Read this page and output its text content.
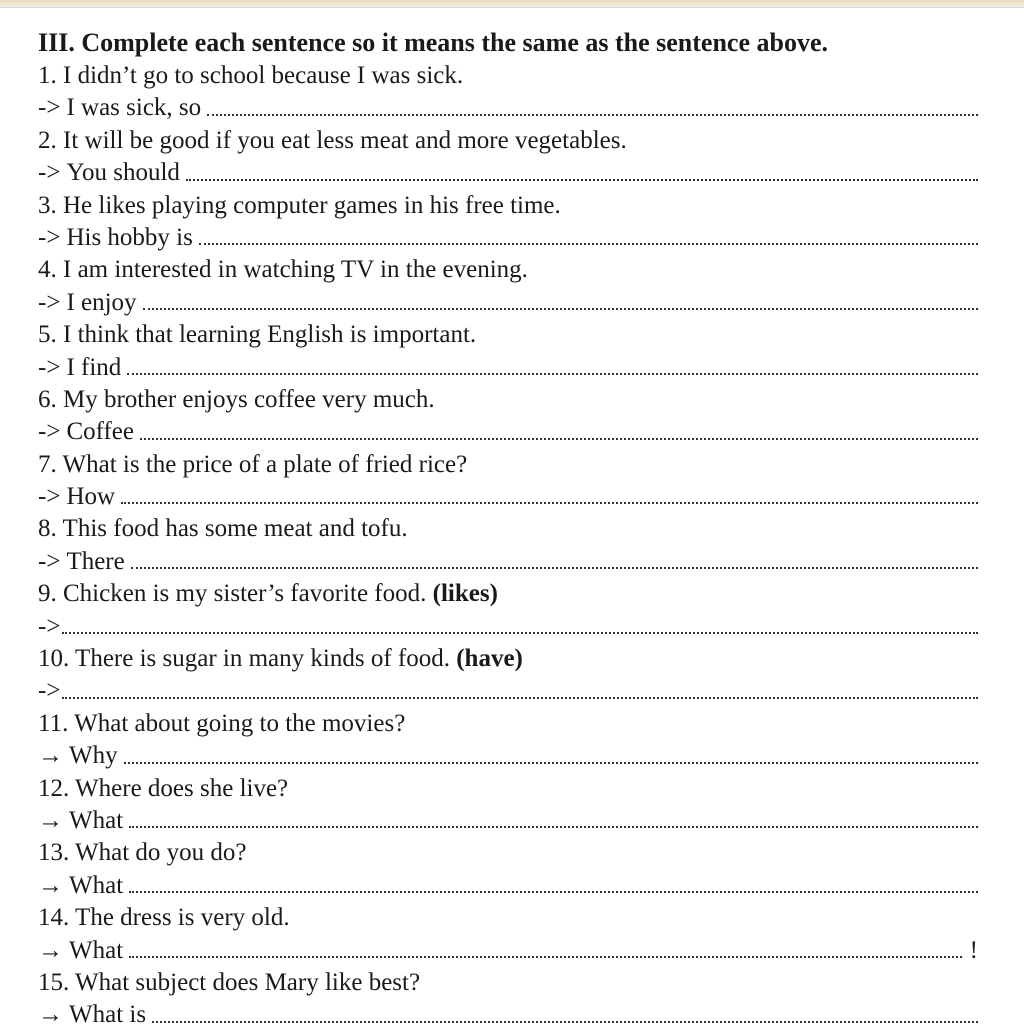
III. Complete each sentence so it means the same as the sentence above.
1. I didn’t go to school because I was sick.
-> I was sick, so
2. It will be good if you eat less meat and more vegetables.
-> You should
3. He likes playing computer games in his free time.
-> His hobby is
4. I am interested in watching TV in the evening.
-> I enjoy
5. I think that learning English is important.
-> I find
6. My brother enjoys coffee very much.
-> Coffee
7. What is the price of a plate of fried rice?
-> How
8. This food has some meat and tofu.
-> There
9. Chicken is my sister’s favorite food. (likes)
->
10. There is sugar in many kinds of food. (have)
->
11. What about going to the movies?
→ Why
12. Where does she live?
→ What
13. What do you do?
→ What
14. The dress is very old.
→ What	!
15. What subject does Mary like best?
→ What is
